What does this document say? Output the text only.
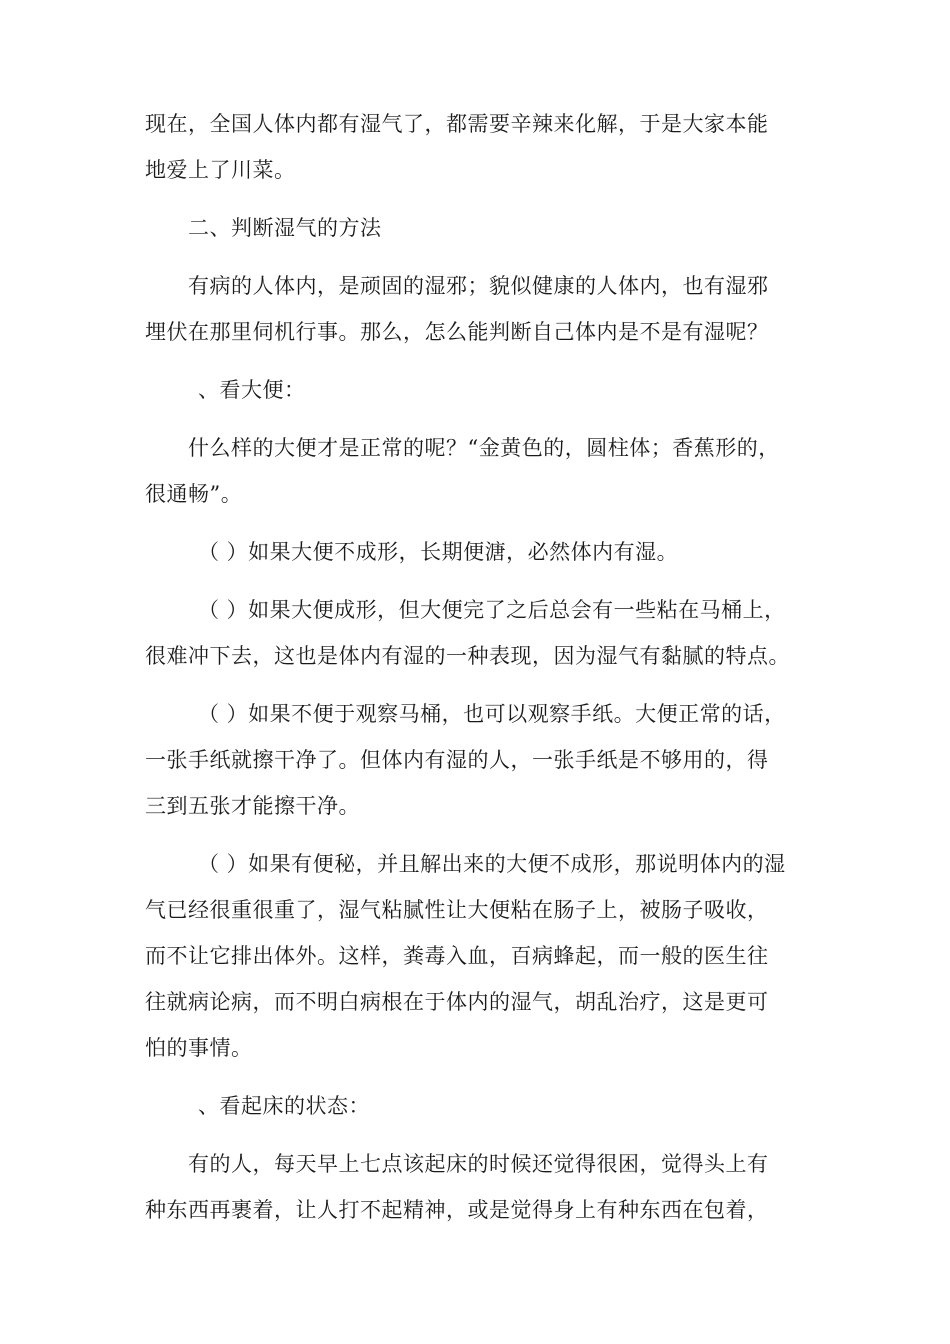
现在，全国人体内都有湿气了，都需要辛辣来化解，于是大家本能
地爱上了川菜。
二、判断湿气的方法
有病的人体内，是顽固的湿邪；貌似健康的人体内，也有湿邪
埋伏在那里伺机行事。那么，怎么能判断自己体内是不是有湿呢？
、看大便：
什么样的大便才是正常的呢？“金黄色的，圆柱体；香蕉形的，
很通畅”。
（ ）如果大便不成形，长期便溏，必然体内有湿。
（ ）如果大便成形，但大便完了之后总会有一些粘在马桶上，
很难冲下去，这也是体内有湿的一种表现，因为湿气有黏腻的特点。
（ ）如果不便于观察马桶，也可以观察手纸。大便正常的话，
一张手纸就擦干净了。但体内有湿的人，一张手纸是不够用的，得
三到五张才能擦干净。
（ ）如果有便秘，并且解出来的大便不成形，那说明体内的湿
气已经很重很重了，湿气粘腻性让大便粘在肠子上，被肠子吸收，
而不让它排出体外。这样，粪毒入血，百病蜂起，而一般的医生往
往就病论病，而不明白病根在于体内的湿气，胡乱治疗，这是更可
怕的事情。
、看起床的状态：
有的人，每天早上七点该起床的时候还觉得很困，觉得头上有
种东西再裹着，让人打不起精神，或是觉得身上有种东西在包着，
